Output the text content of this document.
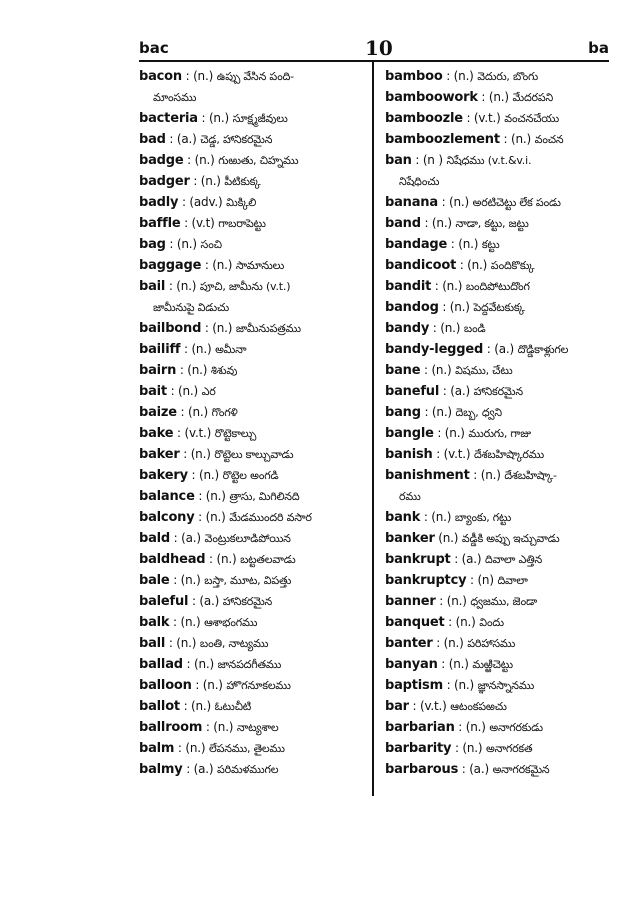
bac	10	ba
bacon : (n.) ఉప్పు వేసిన పంది-
మాంసము
bacteria : (n.) సూక్ష్మజీవులు
bad : (a.) చెడ్డ, హానికరమైన
badge : (n.) గుఱుతు, చిహ్నము
badger : (n.) పీటికుక్క
badly : (adv.) మిక్కిలి
baffle : (v.t) గాబరాపెట్టు
bag : (n.) సంచి
baggage : (n.) సామానులు
bail : (n.) పూచి, జామీను (v.t.)
జామీనుపై విడుచు
bailbond : (n.) జామీనుపత్రము
bailiff : (n.) అమీనా
bairn : (n.) శిశువు
bait : (n.) ఎర
baize : (n.) గొంగళి
bake : (v.t.) రొట్టెకాల్చు
baker : (n.) రొట్టెలు కాల్చువాడు
bakery : (n.) రొట్టెల అంగడి
balance : (n.) త్రాసు, మిగిలినది
balcony : (n.) మేడముందరి వసార
bald : (a.) వెంట్రుకలూడిపోయిన
baldhead : (n.) బట్టతలవాడు
bale : (n.) బస్తా, మూట, విపత్తు
baleful : (a.) హానికరమైన
balk : (n.) ఆశాభంగము
ball : (n.) బంతి, నాట్యము
ballad : (n.) జానపదగీతము
balloon : (n.) హొగనూకలము
ballot : (n.) ఓటుచీటి
ballroom : (n.) నాట్యశాల
balm : (n.) లేపనము, తైలము
balmy : (a.) పరిమళముగల
bamboo : (n.) వెదురు, బొంగు
bamboowork : (n.) మేదరపని
bamboozle : (v.t.) వంచనచేయు
bamboozlement : (n.) వంచన
ban : (n ) నిషేధము (v.t.&v.i.
నిషేధించు
banana : (n.) అరటిచెట్టు లేక పండు
band : (n.) నాడా, కట్టు, జట్టు
bandage : (n.) కట్టు
bandicoot : (n.) పందికొక్కు
bandit : (n.) బందిపోటుదొంగ
bandog : (n.) పెద్దవేటకుక్క
bandy : (n.) బండి
bandy-legged : (a.) దొడ్డికాళ్లుగల
bane : (n.) విషము, చేటు
baneful : (a.) హానికరమైన
bang : (n.) దెబ్బ, ధ్వని
bangle : (n.) మురుగు, గాజు
banish : (v.t.) దేశబహిష్కారము
banishment : (n.) దేశబహిష్కా-
రము
bank : (n.) బ్యాంకు, గట్టు
banker (n.) వడ్డీకి అప్పు ఇచ్చువాడు
bankrupt : (a.) దివాలా ఎత్తిన
bankruptcy : (n) దివాలా
banner : (n.) ధ్వజము, జెండా
banquet : (n.) విందు
banter : (n.) పరిహాసము
banyan : (n.) మఱ్ఱిచెట్టు
baptism : (n.) జ్ఞానస్నానము
bar : (v.t.) ఆటంకపఱచు
barbarian : (n.) అనాగరకుడు
barbarity : (n.) అనాగరకత
barbarous : (a.) అనాగరకమైన
